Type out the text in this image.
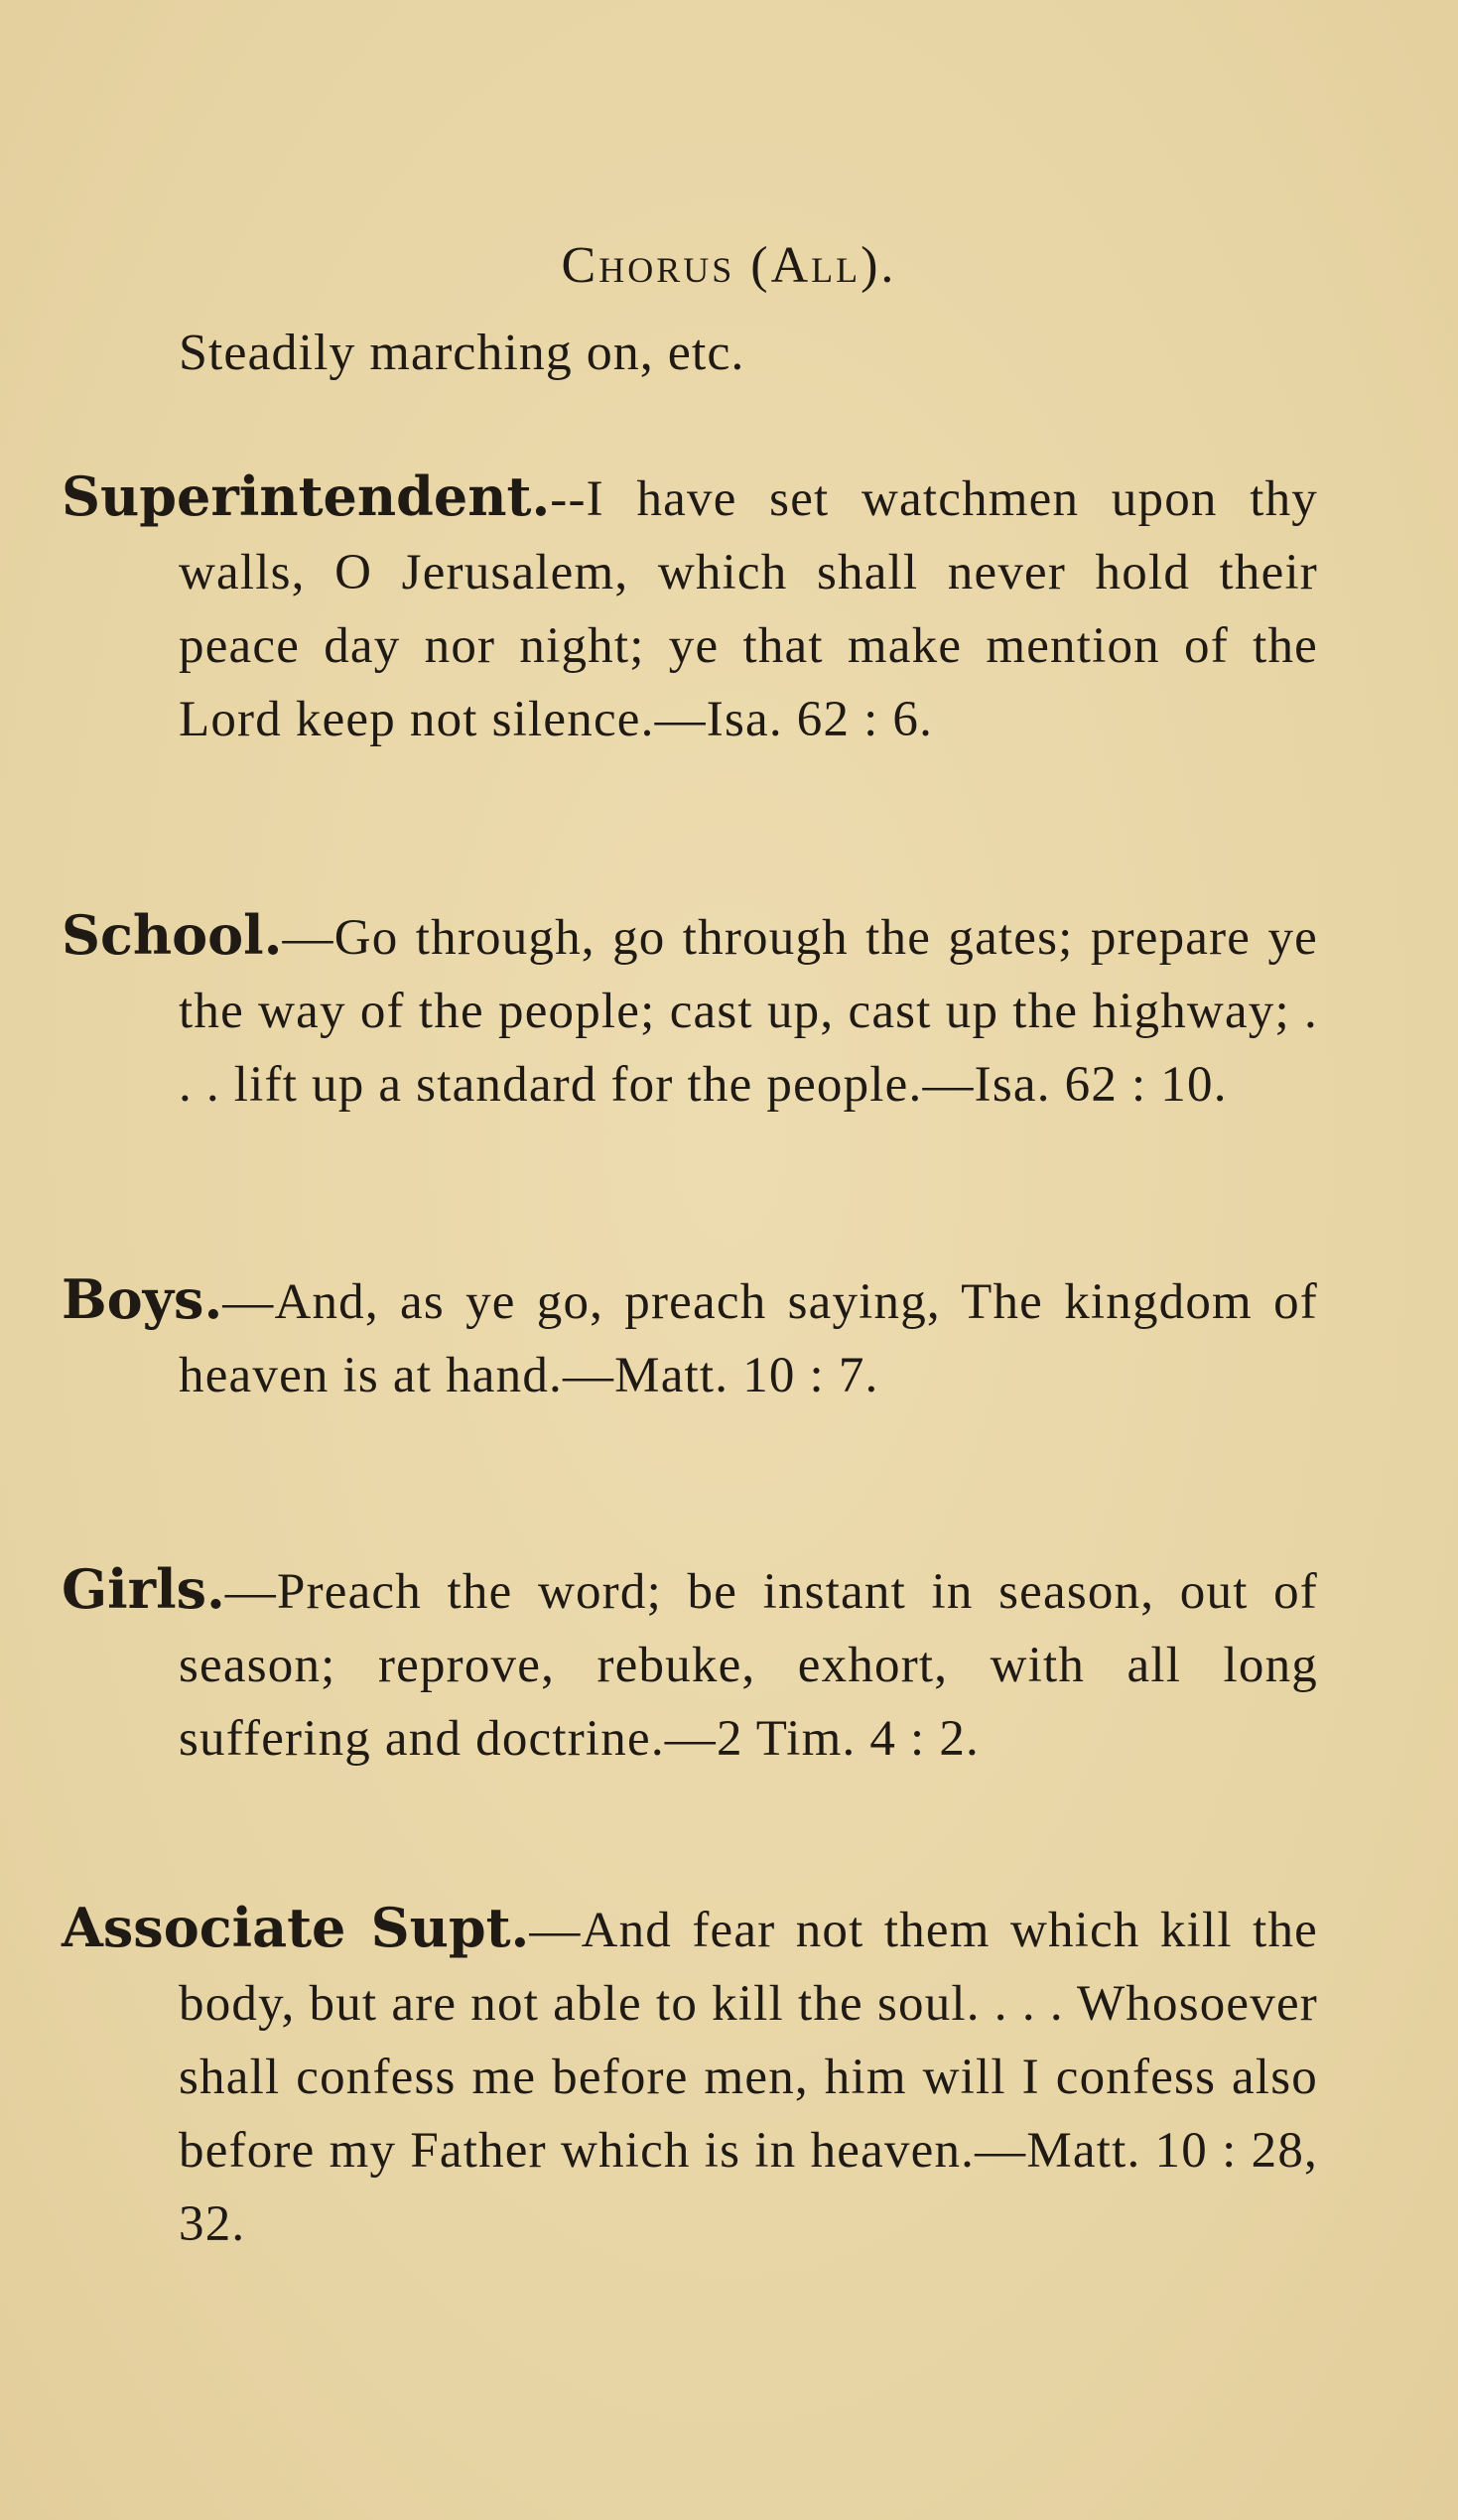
Chorus (All).
Steadily marching on, etc.
Superintendent.--I have set watchmen upon thy walls, O Jerusalem, which shall never hold their peace day nor night; ye that make mention of the Lord keep not silence.—Isa. 62 : 6.
School.—Go through, go through the gates; prepare ye the way of the people; cast up, cast up the highway; . . . lift up a standard for the people.—Isa. 62 : 10.
Boys.—And, as ye go, preach saying, The kingdom of heaven is at hand.—Matt. 10 : 7.
Girls.—Preach the word; be instant in season, out of season; reprove, rebuke, exhort, with all long suffering and doctrine.—2 Tim. 4 : 2.
Associate Supt.—And fear not them which kill the body, but are not able to kill the soul. . . . Whosoever shall confess me before men, him will I confess also before my Father which is in heaven.—Matt. 10 : 28, 32.
